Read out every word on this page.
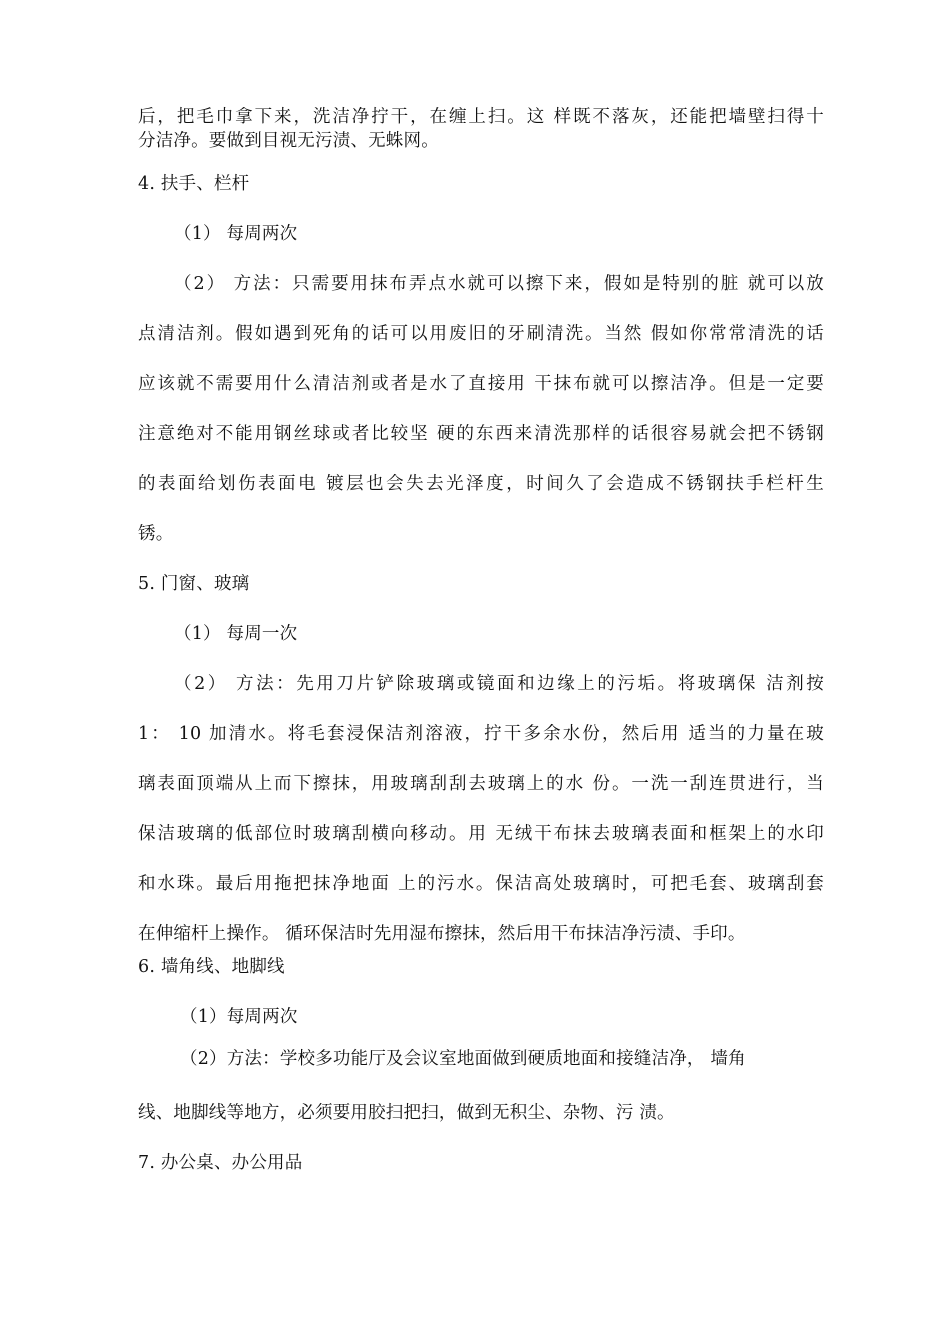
后，把毛巾拿下来，洗洁净拧干，在缠上扫。这 样既不落灰，还能把墙壁扫得十
分洁净。要做到目视无污渍、无蛛网。
4. 扶手、栏杆
（1） 每周两次
（2） 方法：只需要用抹布弄点水就可以擦下来，假如是特别的脏 就可以放
点清洁剂。假如遇到死角的话可以用废旧的牙刷清洗。当然 假如你常常清洗的话
应该就不需要用什么清洁剂或者是水了直接用 干抹布就可以擦洁净。但是一定要
注意绝对不能用钢丝球或者比较坚 硬的东西来清洗那样的话很容易就会把不锈钢
的表面给划伤表面电 镀层也会失去光泽度，时间久了会造成不锈钢扶手栏杆生
锈。
5. 门窗、玻璃
（1） 每周一次
（2） 方法：先用刀片铲除玻璃或镜面和边缘上的污垢。将玻璃保 洁剂按
1： 10 加清水。将毛套浸保洁剂溶液，拧干多余水份，然后用 适当的力量在玻
璃表面顶端从上而下擦抹，用玻璃刮刮去玻璃上的水 份。一洗一刮连贯进行，当
保洁玻璃的低部位时玻璃刮横向移动。用 无绒干布抹去玻璃表面和框架上的水印
和水珠。最后用拖把抹净地面 上的污水。保洁高处玻璃时，可把毛套、玻璃刮套
在伸缩杆上操作。 循环保洁时先用湿布擦抹，然后用干布抹洁净污渍、手印。
6. 墙角线、地脚线
（1）每周两次
（2）方法：学校多功能厅及会议室地面做到硬质地面和接缝洁净， 墙角
线、地脚线等地方，必须要用胶扫把扫，做到无积尘、杂物、污 渍。
7. 办公桌、办公用品
